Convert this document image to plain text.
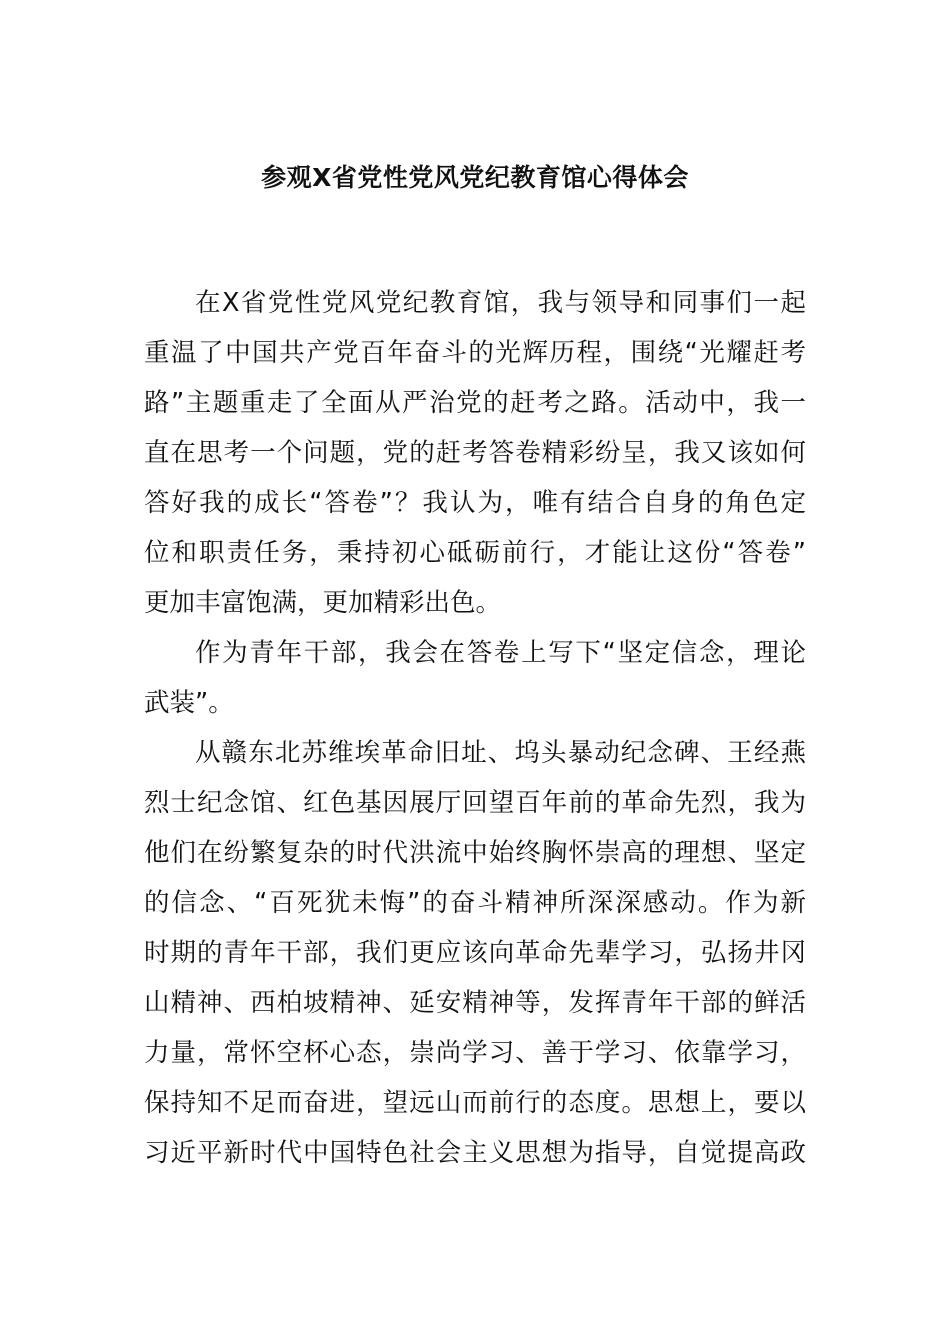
参观X省党性党风党纪教育馆心得体会
在X省党性党风党纪教育馆，我与领导和同事们一起
重温了中国共产党百年奋斗的光辉历程，围绕“光耀赶考
路”主题重走了全面从严治党的赶考之路。活动中，我一
直在思考一个问题，党的赶考答卷精彩纷呈，我又该如何
答好我的成长“答卷”？我认为，唯有结合自身的角色定
位和职责任务，秉持初心砥砺前行，才能让这份“答卷”
更加丰富饱满，更加精彩出色。
作为青年干部，我会在答卷上写下“坚定信念，理论
武装”。
从赣东北苏维埃革命旧址、坞头暴动纪念碑、王经燕
烈士纪念馆、红色基因展厅回望百年前的革命先烈，我为
他们在纷繁复杂的时代洪流中始终胸怀崇高的理想、坚定
的信念、“百死犹未悔”的奋斗精神所深深感动。作为新
时期的青年干部，我们更应该向革命先辈学习，弘扬井冈
山精神、西柏坡精神、延安精神等，发挥青年干部的鲜活
力量，常怀空杯心态，崇尚学习、善于学习、依靠学习，
保持知不足而奋进，望远山而前行的态度。思想上，要以
习近平新时代中国特色社会主义思想为指导，自觉提高政
